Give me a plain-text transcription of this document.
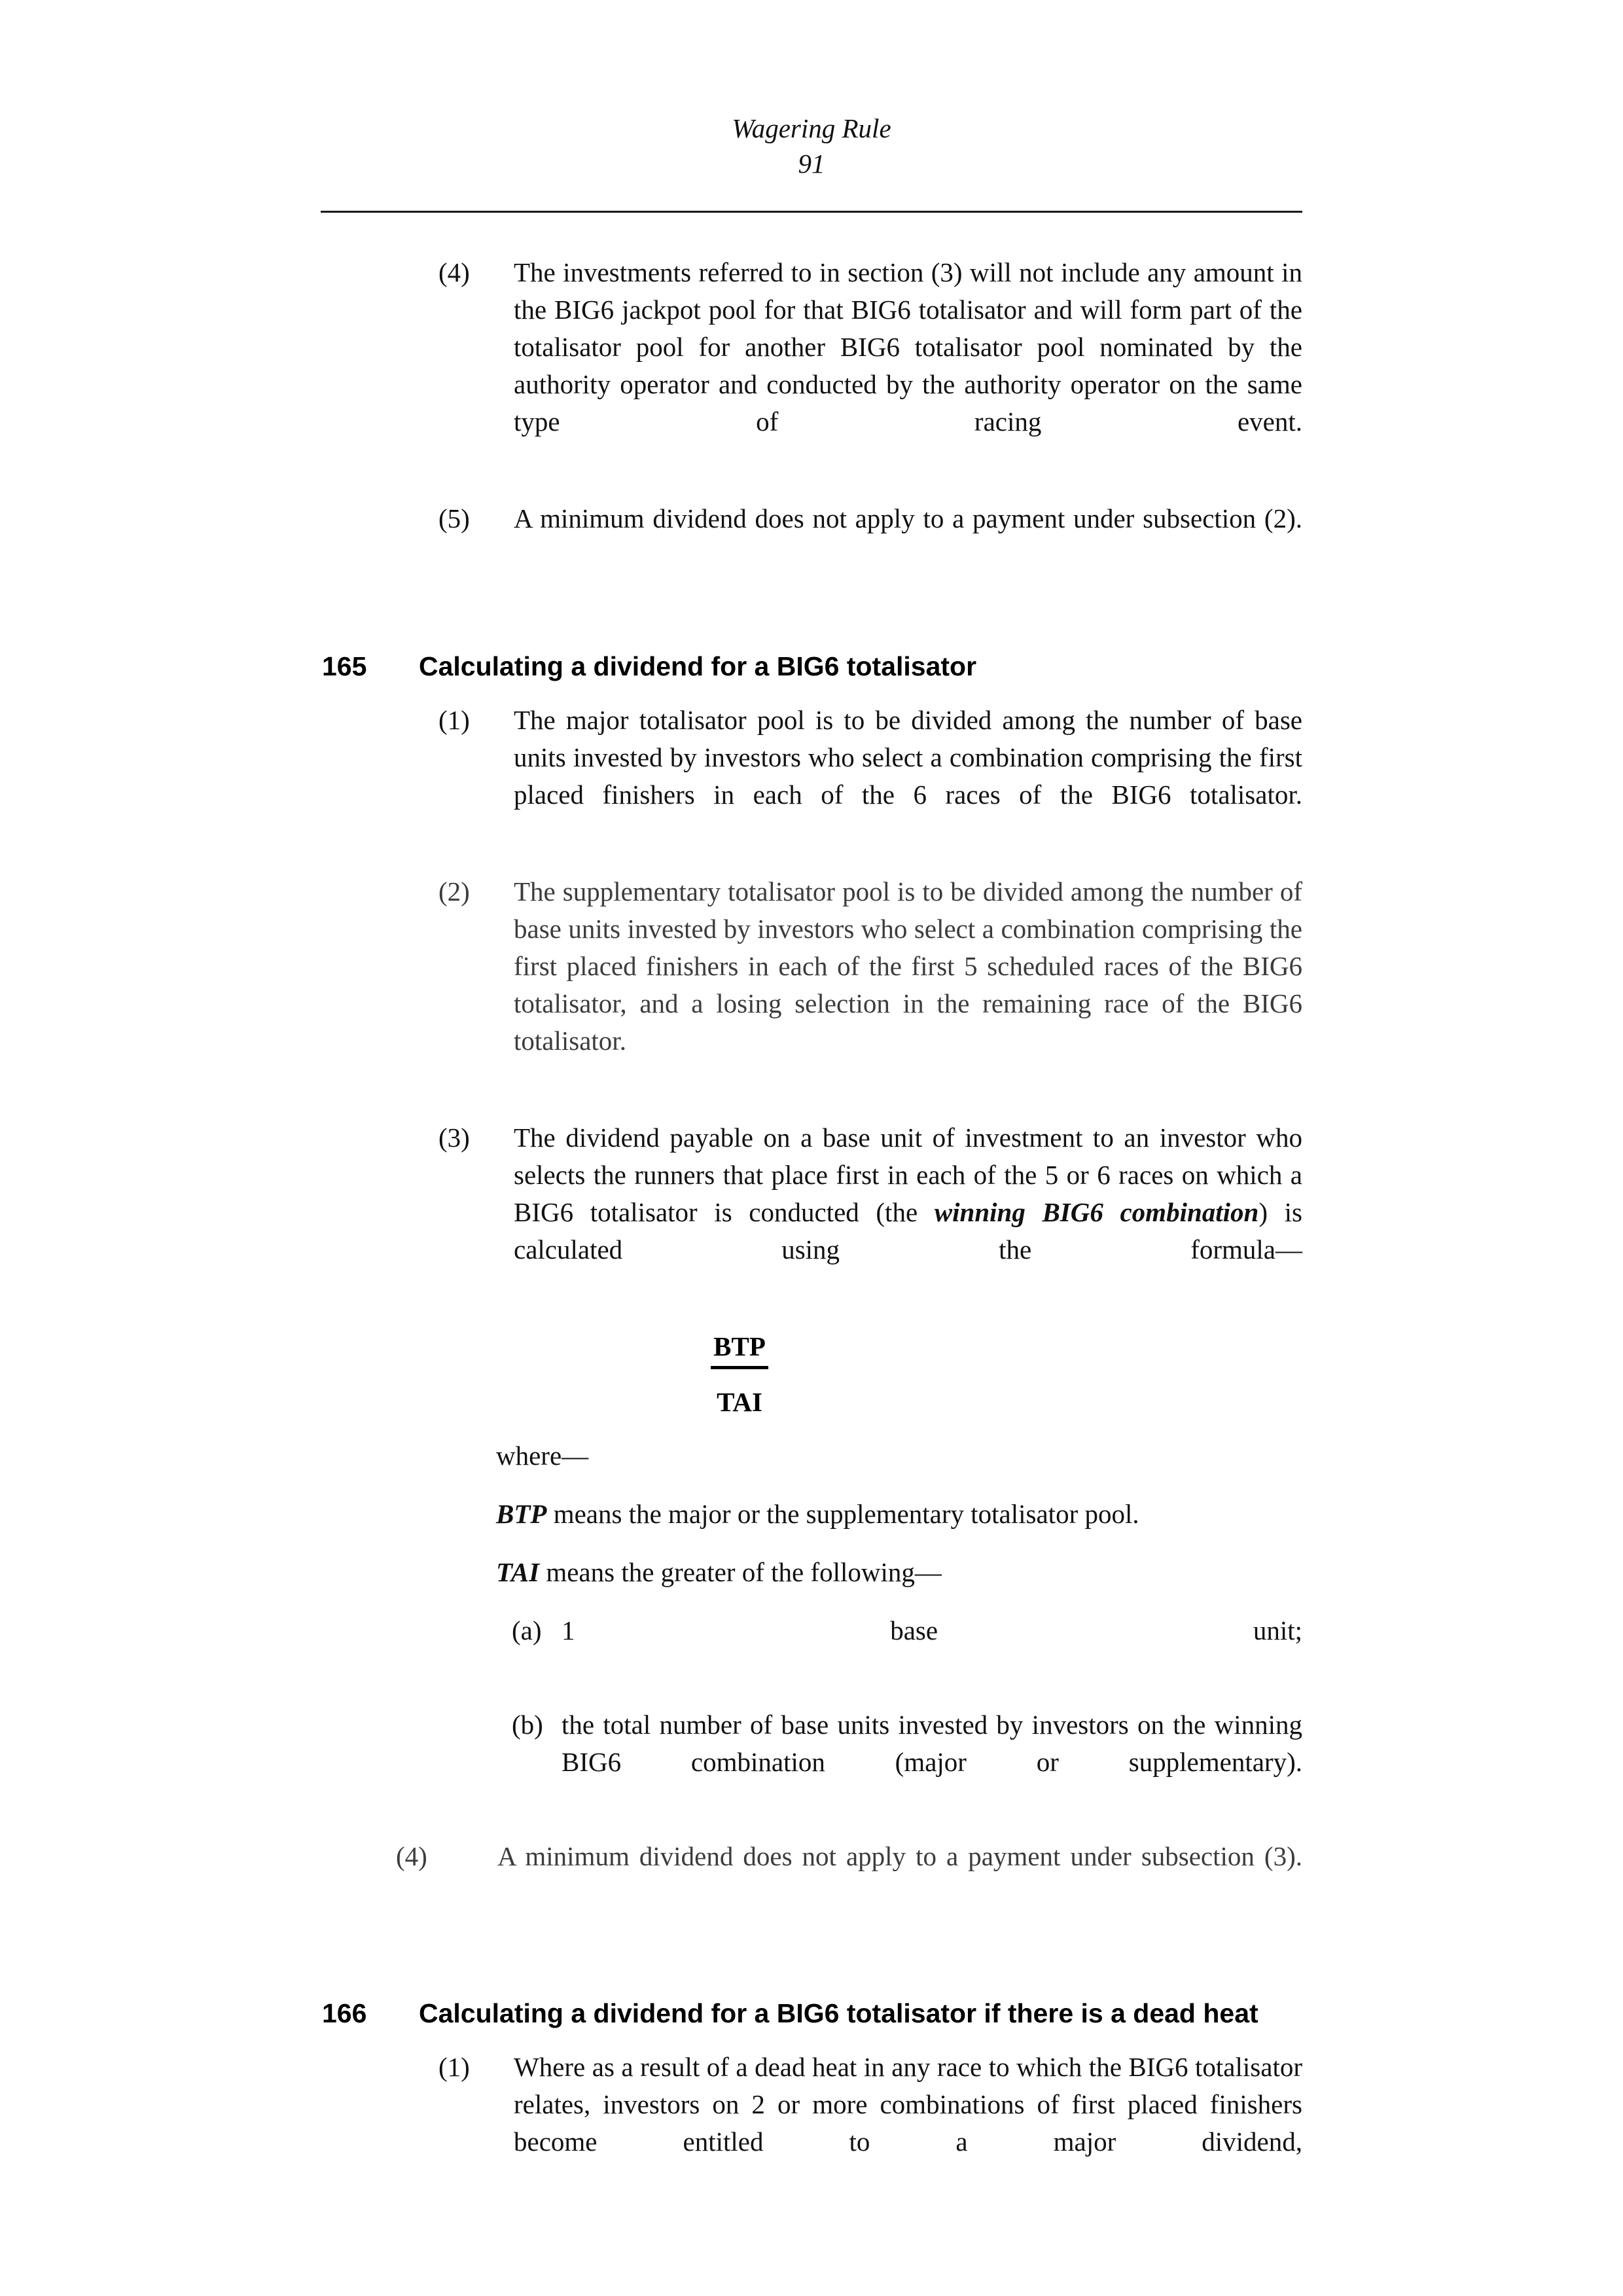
Wagering Rule
91
(4)	The investments referred to in section (3) will not include any amount in the BIG6 jackpot pool for that BIG6 totalisator and will form part of the totalisator pool for another BIG6 totalisator pool nominated by the authority operator and conducted by the authority operator on the same type of racing event.
(5)	A minimum dividend does not apply to a payment under subsection (2).
165 Calculating a dividend for a BIG6 totalisator
(1)	The major totalisator pool is to be divided among the number of base units invested by investors who select a combination comprising the first placed finishers in each of the 6 races of the BIG6 totalisator.
(2)	The supplementary totalisator pool is to be divided among the number of base units invested by investors who select a combination comprising the first placed finishers in each of the first 5 scheduled races of the BIG6 totalisator, and a losing selection in the remaining race of the BIG6 totalisator.
(3)	The dividend payable on a base unit of investment to an investor who selects the runners that place first in each of the 5 or 6 races on which a BIG6 totalisator is conducted (the winning BIG6 combination) is calculated using the formula—
$\frac{\text{BTP}}{\text{TAI}}$
where—
BTP means the major or the supplementary totalisator pool.
TAI means the greater of the following—
(a) 1 base unit;
(b) the total number of base units invested by investors on the winning BIG6 combination (major or supplementary).
(4)	A minimum dividend does not apply to a payment under subsection (3).
166 Calculating a dividend for a BIG6 totalisator if there is a dead heat
(1)	Where as a result of a dead heat in any race to which the BIG6 totalisator relates, investors on 2 or more combinations of first placed finishers become entitled to a major dividend,
